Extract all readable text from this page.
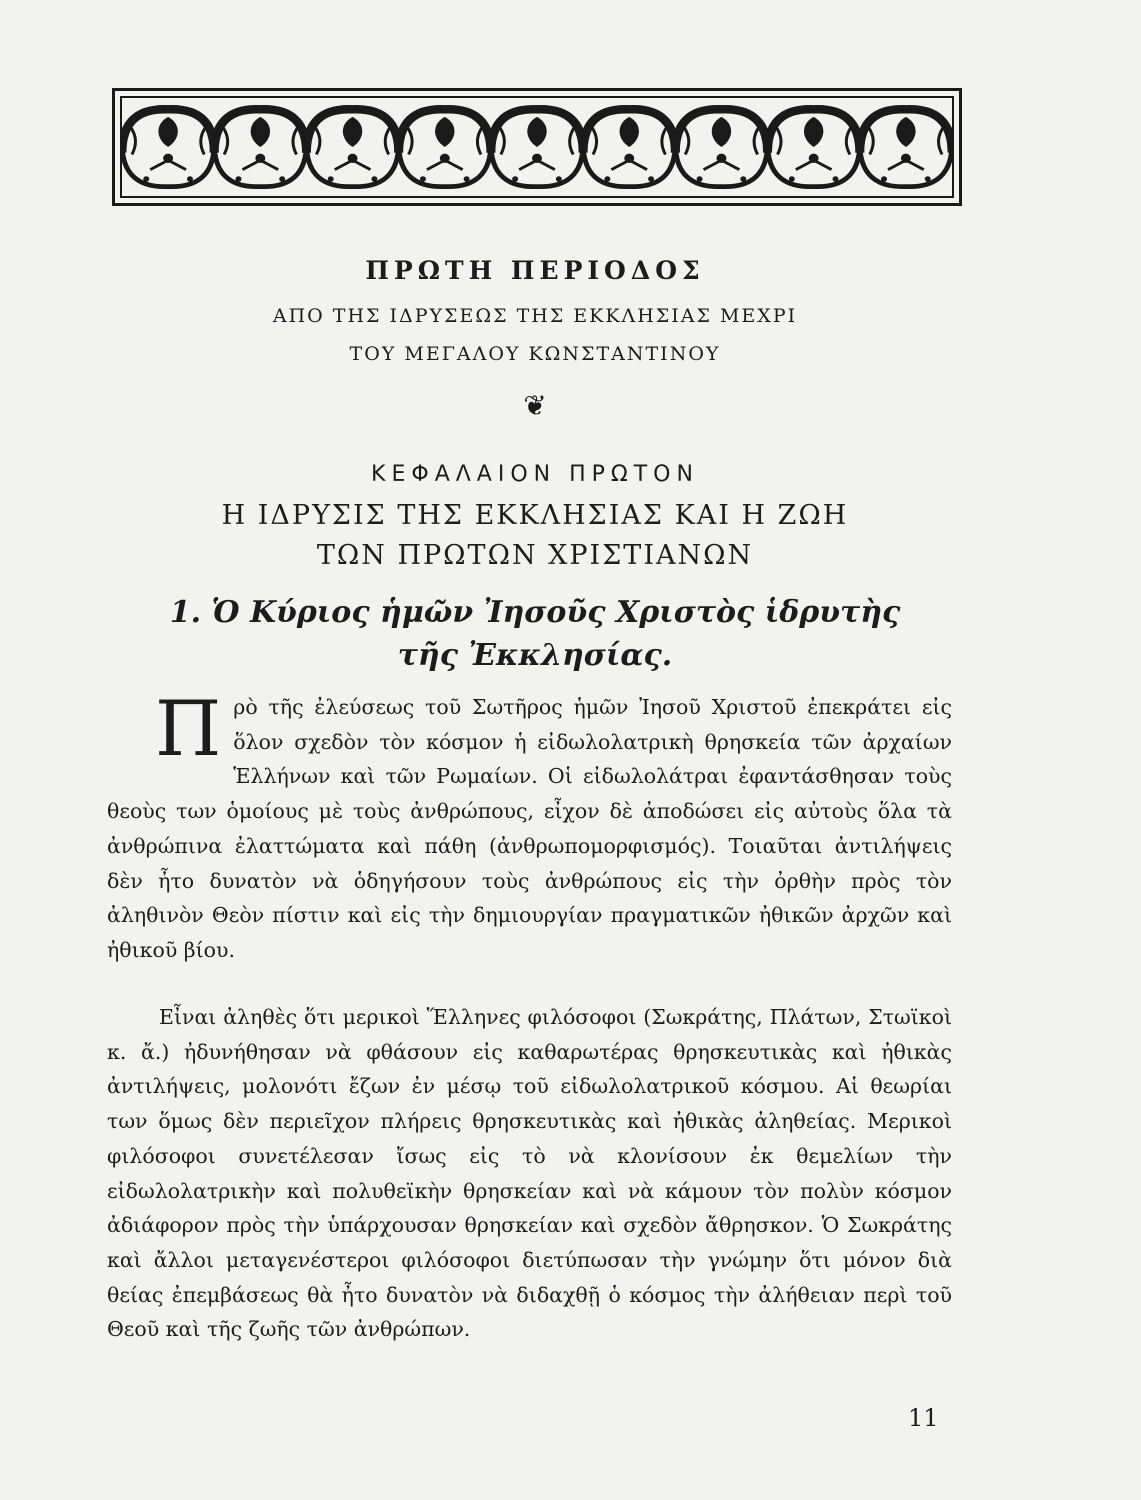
ΠΡΩΤΗ ΠΕΡΙΟΔΟΣ
ΑΠΟ ΤΗΣ ΙΔΡΥΣΕΩΣ ΤΗΣ ΕΚΚΛΗΣΙΑΣ ΜΕΧΡΙ
ΤΟΥ ΜΕΓΑΛΟΥ ΚΩΝΣΤΑΝΤΙΝΟΥ
❦
ΚΕΦΑΛΑΙΟΝ ΠΡΩΤΟΝ
Η ΙΔΡΥΣΙΣ ΤΗΣ ΕΚΚΛΗΣΙΑΣ ΚΑΙ Η ΖΩΗ
ΤΩΝ ΠΡΩΤΩΝ ΧΡΙΣΤΙΑΝΩΝ
1. Ὁ Κύριος ἡμῶν Ἰησοῦς Χριστὸς ἱδρυτὴς
τῆς Ἐκκλησίας.
Π ρὸ τῆς ἐλεύσεως τοῦ Σωτῆρος ἡμῶν Ἰησοῦ Χριστοῦ ἐπεκράτει εἰς ὅλον σχεδὸν τὸν κόσμον ἡ εἰδωλολατρικὴ θρησκεία τῶν ἀρχαίων Ἑλλήνων καὶ τῶν Ρωμαίων. Οἱ εἰδωλολάτραι ἐφαντάσθησαν τοὺς θεοὺς των ὁμοίους μὲ τοὺς ἀνθρώπους, εἶχον δὲ ἀποδώσει εἰς αὐτοὺς ὅλα τὰ ἀνθρώπινα ἐλαττώματα καὶ πάθη (ἀνθρωπομορφισμός). Τοιαῦται ἀντιλήψεις δὲν ἦτο δυνατὸν νὰ ὁδηγήσουν τοὺς ἀνθρώπους εἰς τὴν ὀρθὴν πρὸς τὸν ἀληθινὸν Θεὸν πίστιν καὶ εἰς τὴν δημιουργίαν πραγματικῶν ἠθικῶν ἀρχῶν καὶ ἠθικοῦ βίου.

Εἶναι ἀληθὲς ὅτι μερικοὶ Ἕλληνες φιλόσοφοι (Σωκράτης, Πλάτων, Στωϊκοὶ κ. ἄ.) ἠδυνήθησαν νὰ φθάσουν εἰς καθαρωτέρας θρησκευτικὰς καὶ ἠθικὰς ἀντιλήψεις, μολονότι ἔζων ἐν μέσῳ τοῦ εἰδωλολατρικοῦ κόσμου. Αἱ θεωρίαι των ὅμως δὲν περιεῖχον πλήρεις θρησκευτικὰς καὶ ἠθικὰς ἀληθείας. Μερικοὶ φιλόσοφοι συνετέλεσαν ἴσως εἰς τὸ νὰ κλονίσουν ἐκ θεμελίων τὴν εἰδωλολατρικὴν καὶ πολυθεϊκὴν θρησκείαν καὶ νὰ κάμουν τὸν πολὺν κόσμον ἀδιάφορον πρὸς τὴν ὑπάρχουσαν θρησκείαν καὶ σχεδὸν ἄθρησκον. Ὁ Σωκράτης καὶ ἄλλοι μεταγενέστεροι φιλόσοφοι διετύπωσαν τὴν γνώμην ὅτι μόνον διὰ θείας ἐπεμβάσεως θὰ ἦτο δυνατὸν νὰ διδαχθῇ ὁ κόσμος τὴν ἀλήθειαν περὶ τοῦ Θεοῦ καὶ τῆς ζωῆς τῶν ἀνθρώπων.

11
